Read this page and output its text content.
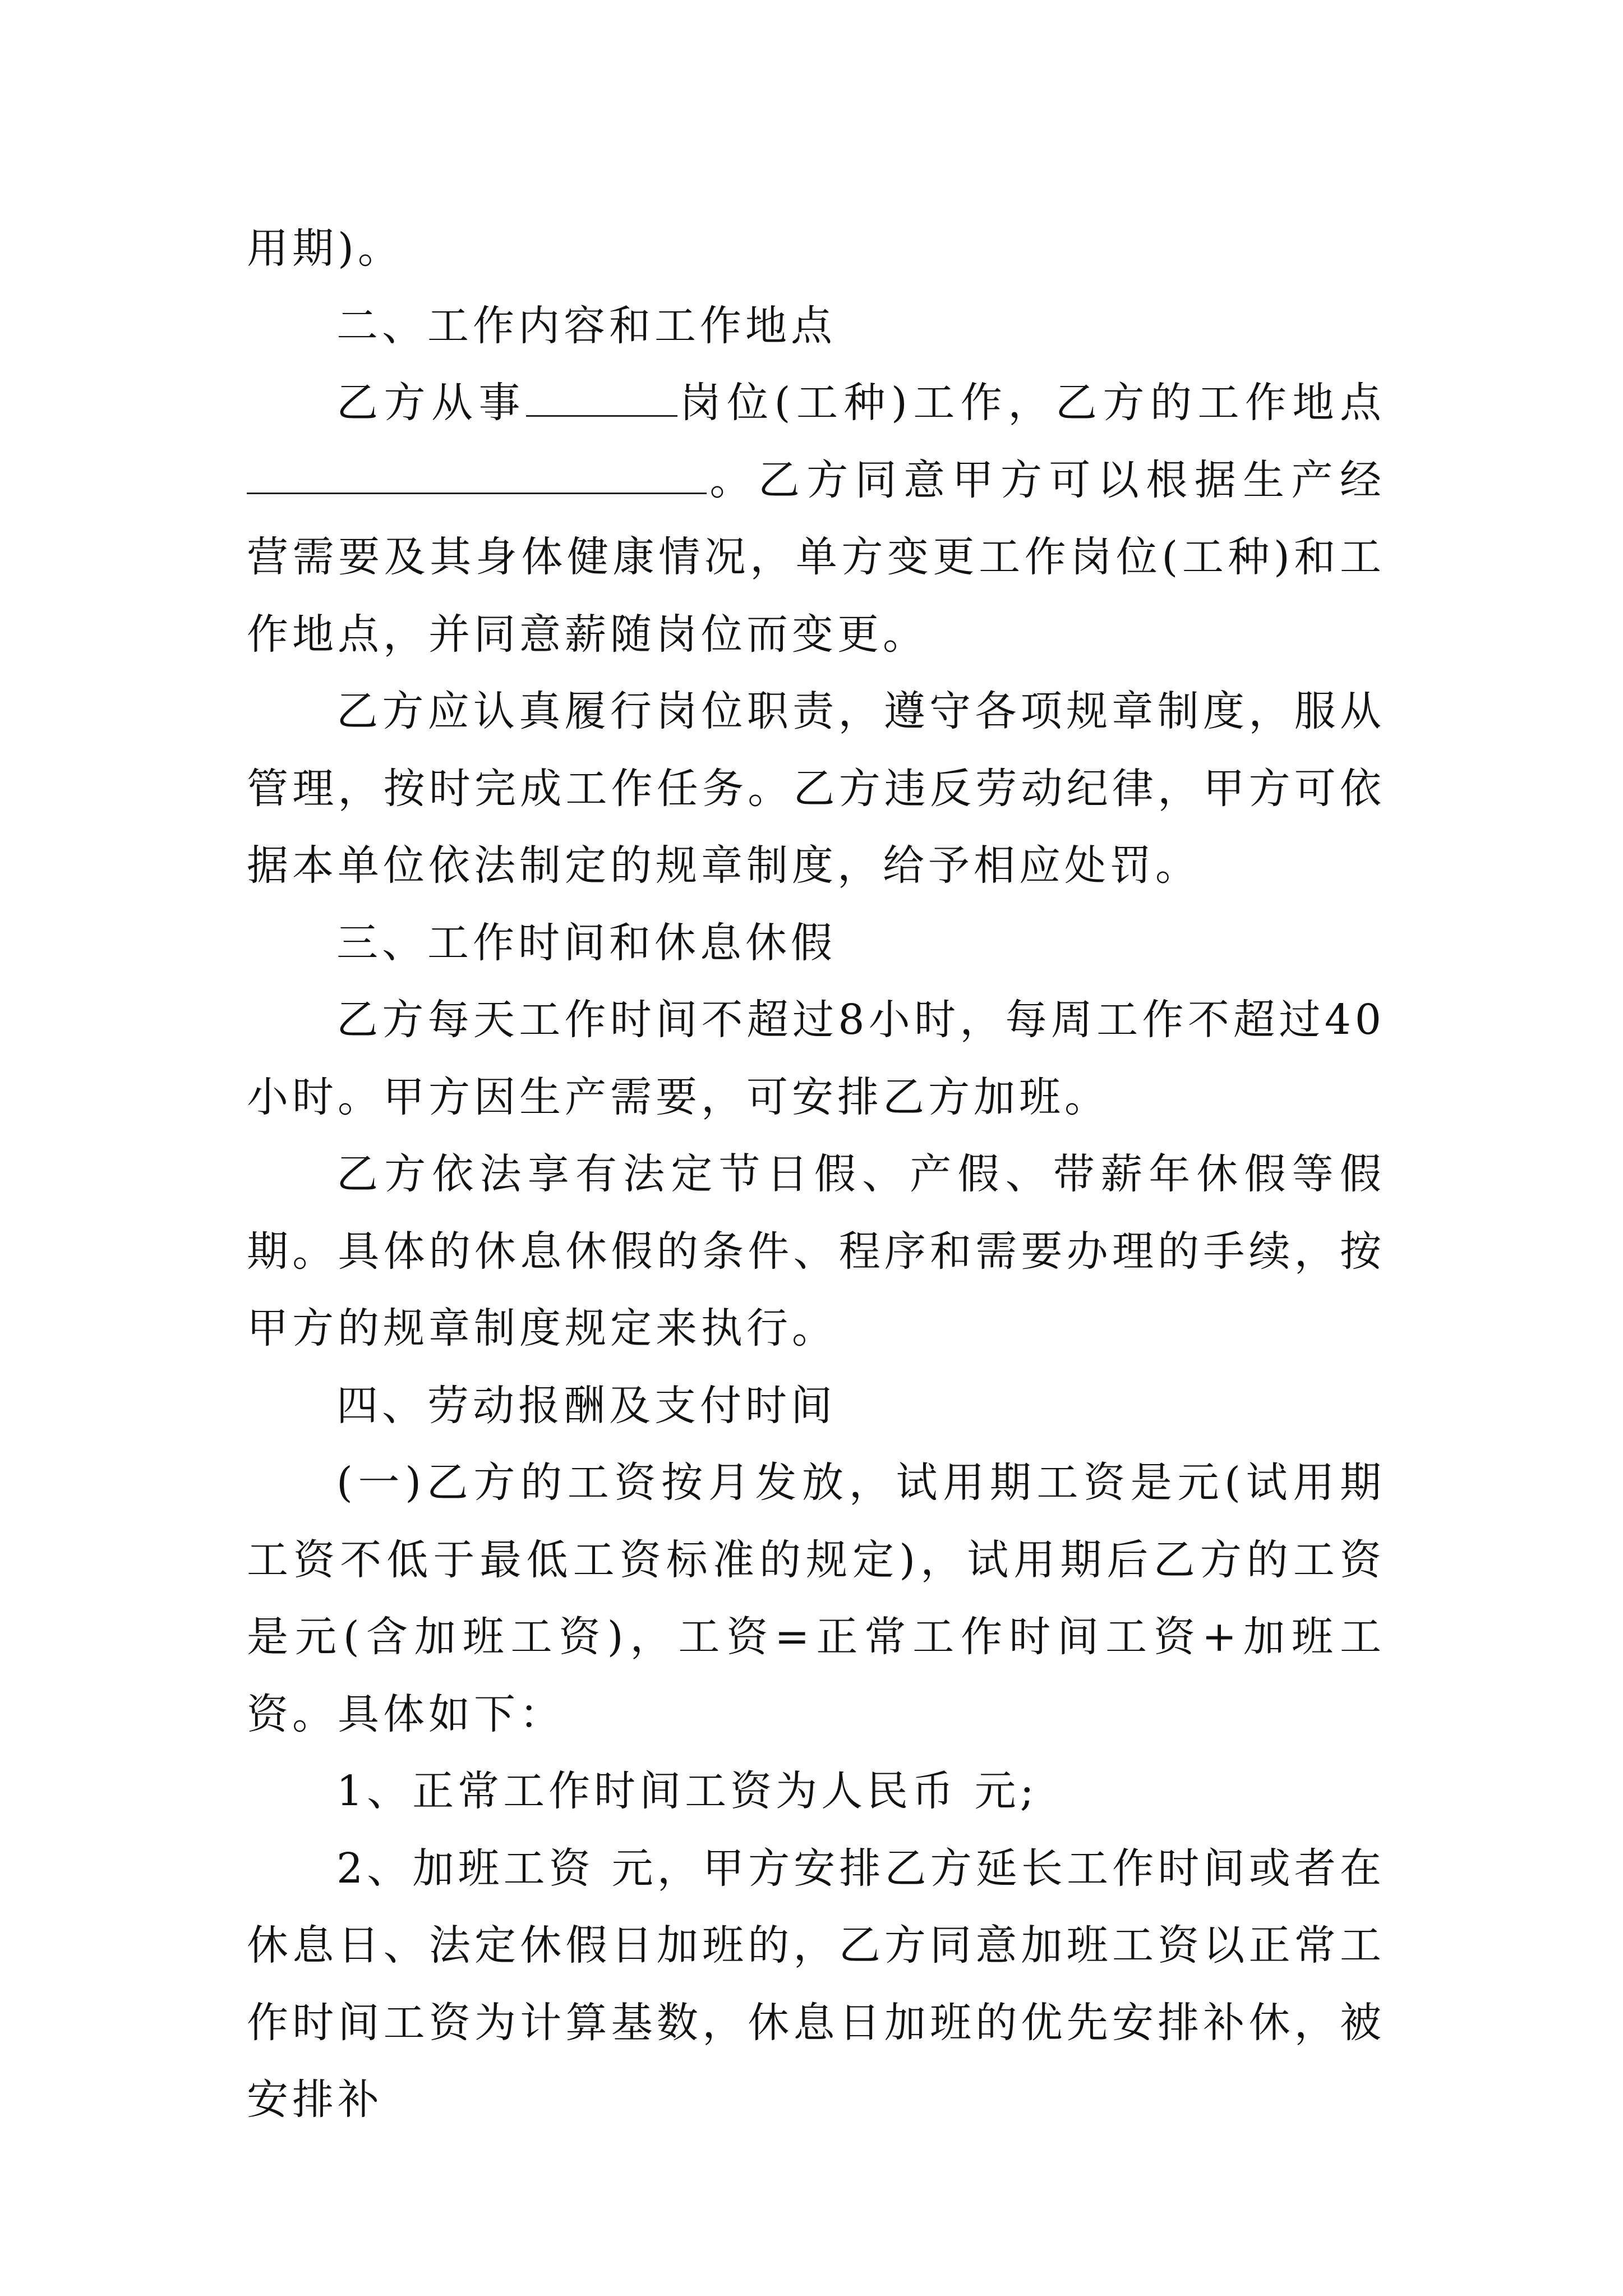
用期)。

二、工作内容和工作地点

乙方从事	岗位(工种)工作，乙方的工作地点。乙方同意甲方可以根据生产经营需要及其身体健康情况，单方变更工作岗位(工种)和工作地点，并同意薪随岗位而变更。

乙方应认真履行岗位职责，遵守各项规章制度，服从管理，按时完成工作任务。乙方违反劳动纪律，甲方可依据本单位依法制定的规章制度，给予相应处罚。

三、工作时间和休息休假

乙方每天工作时间不超过8小时，每周工作不超过40小时。甲方因生产需要，可安排乙方加班。

乙方依法享有法定节日假、产假、带薪年休假等假期。具体的休息休假的条件、程序和需要办理的手续，按甲方的规章制度规定来执行。

四、劳动报酬及支付时间

(一)乙方的工资按月发放，试用期工资是元(试用期工资不低于最低工资标准的规定)，试用期后乙方的工资是元(含加班工资)，工资=正常工作时间工资+加班工资。具体如下：

1、正常工作时间工资为人民币 元;

2、加班工资 元，甲方安排乙方延长工作时间或者在休息日、法定休假日加班的，乙方同意加班工资以正常工作时间工资为计算基数，休息日加班的优先安排补休，被安排补
